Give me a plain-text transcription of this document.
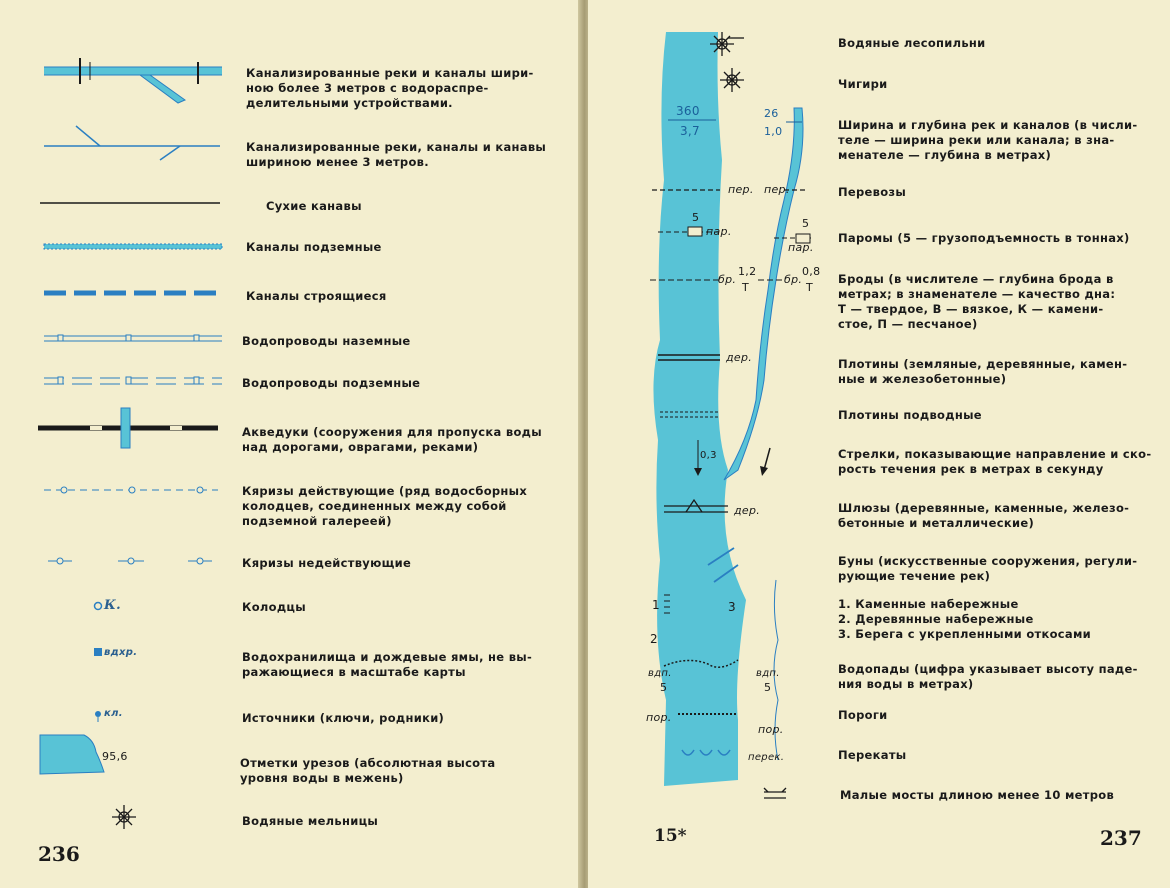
К.
вдхр.
кл.
95,6
Канализированные реки и каналы шири-
ною более 3 метров с водораспре-
делительными устройствами.
Канализированные реки, каналы и канавы
шириною менее 3 метров.
Сухие канавы
Каналы подземные
Каналы строящиеся
Водопроводы наземные
Водопроводы подземные
Акведуки (сооружения для пропуска воды
над дорогами, оврагами, реками)
Кяризы действующие (ряд водосборных
колодцев, соединенных между собой
подземной галереей)
Кяризы недействующие
Колодцы
Водохранилища и дождевые ямы, не вы-
ражающиеся в масштабе карты
Источники (ключи, родники)
Отметки урезов (абсолютная высота
уровня воды в межень)
Водяные мельницы
236
360
3,7
26
1,0
пер. пер.
пар.
5
пар.
5
бр.
1,2
Т
бр.
0,8
Т
дер.
0,3
дер.
1
2
3
вдп.
5
вдп.
5
пор.
пор.
перек.
Водяные лесопильни
Чигири
Ширина и глубина рек и каналов (в числи-
теле — ширина реки или канала; в зна-
менателе — глубина в метрах)
Перевозы
Паромы (5 — грузоподъемность в тоннах)
Броды (в числителе — глубина брода в
метрах; в знаменателе — качество дна:
Т — твердое, В — вязкое, К — камени-
стое, П — песчаное)
Плотины (земляные, деревянные, камен-
ные и железобетонные)
Плотины подводные
Стрелки, показывающие направление и ско-
рость течения рек в метрах в секунду
Шлюзы (деревянные, каменные, железо-
бетонные и металлические)
Буны (искусственные сооружения, регули-
рующие течение рек)
1. Каменные набережные
2. Деревянные набережные
3. Берега с укрепленными откосами
Водопады (цифра указывает высоту паде-
ния воды в метрах)
Пороги
Перекаты
Малые мосты длиною менее 10 метров
15*	237
